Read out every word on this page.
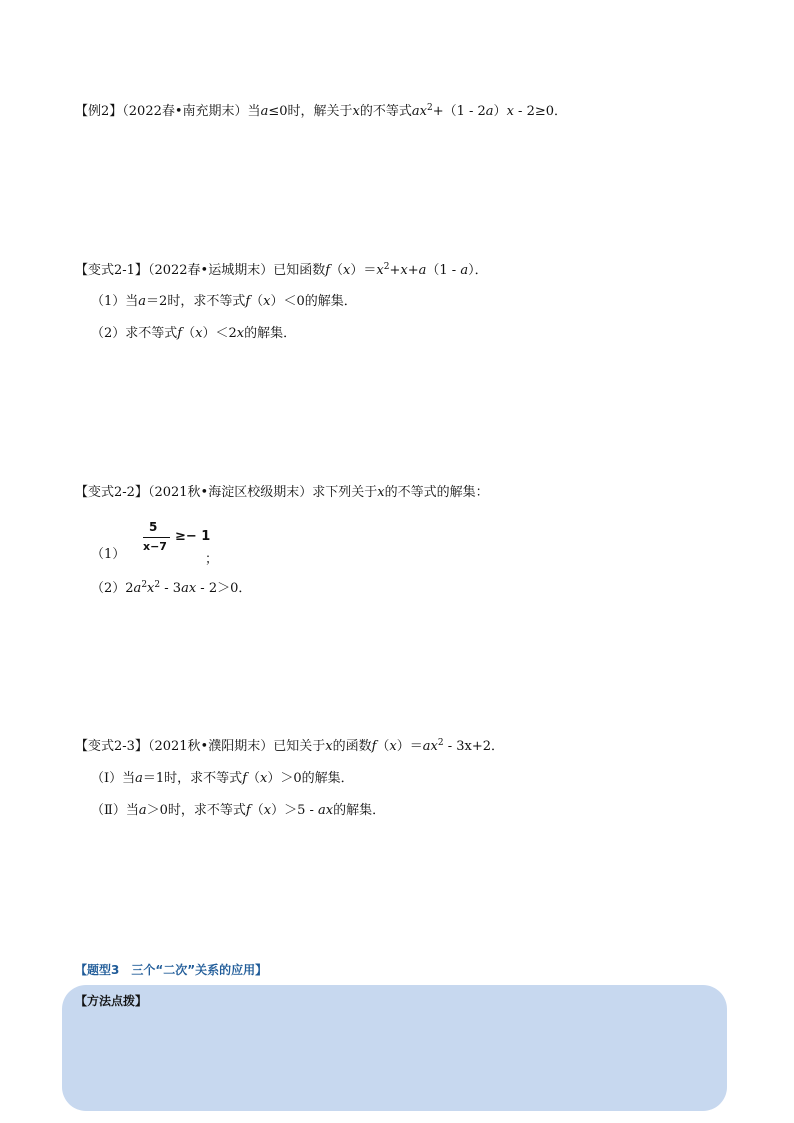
【例2】（2022春•南充期末）当a≤0时，解关于x的不等式$ax^2+(1 - 2a)x - 2\ge 0$．
【变式2-1】（2022春•运城期末）已知函数$f(x)=x^2+x+a(1 - a)$．
（1）当a＝2时，求不等式f（x）＜0的解集．
（2）求不等式f（x）＜2x的解集．
【变式2-2】（2021秋•海淀区校级期末）求下列关于x的不等式的解集：
（1）
5
x−7
≥− 1
；
$(2)2a^2x^2 - 3ax - 2>0$．
【变式2-3】（2021秋•濮阳期末）已知关于x的函数$f(x)=ax^2 - 3x+2$．
（Ⅰ）当a＝1时，求不等式f（x）＞0的解集．
（Ⅱ）当a＞0时，求不等式f（x）＞5 - ax的解集．
【题型3　三个“二次”关系的应用】
【方法点拨】
